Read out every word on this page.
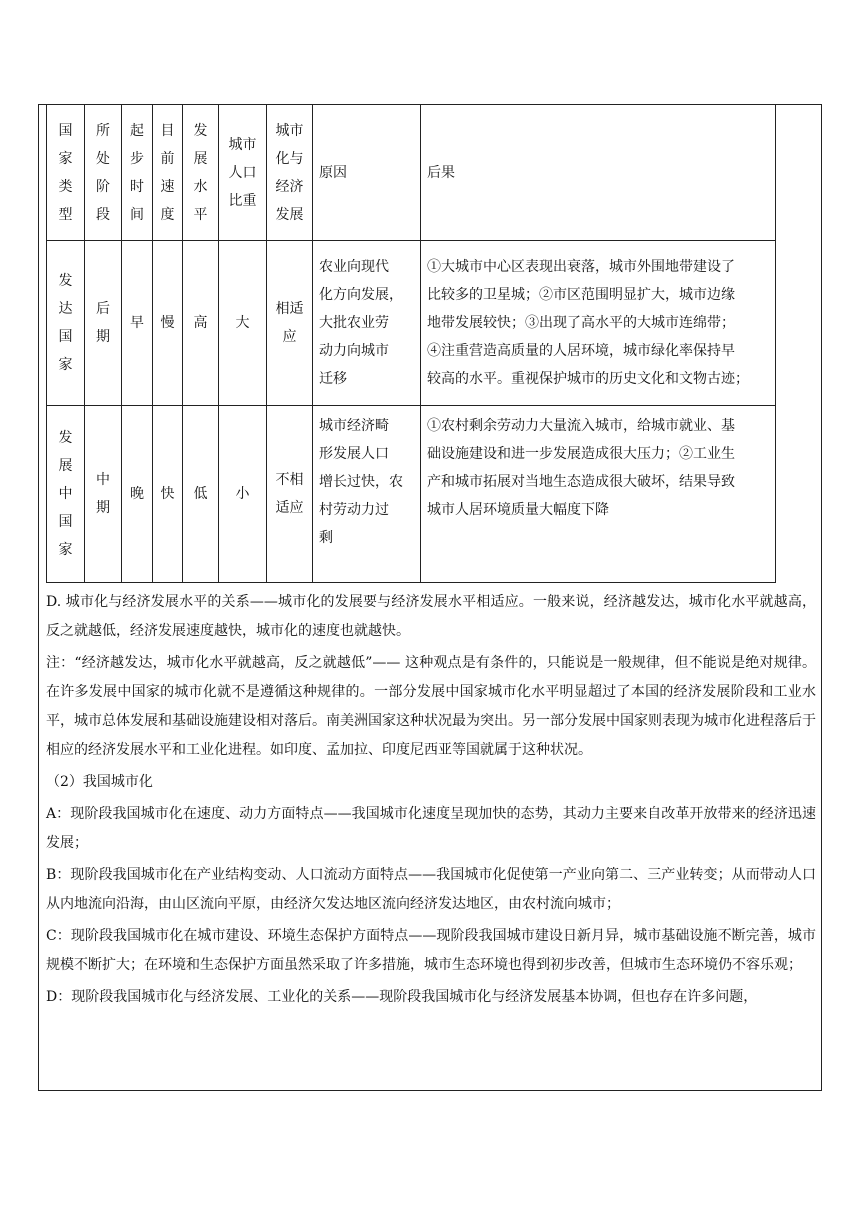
国
家
类
型	所
处
阶
段	起
步
时
间	目
前
速
度	发
展
水
平	城市
人口
比重	城市
化与
经济
发展	原因	后果

发
达
国
家	后
期	早	慢	高	大	相适
应	农业向现代
化方向发展，
大批农业劳
动力向城市
迁移	①大城市中心区表现出衰落，城市外围地带建设了
比较多的卫星城；②市区范围明显扩大，城市边缘
地带发展较快；③出现了高水平的大城市连绵带；
④注重营造高质量的人居环境，城市绿化率保持早
较高的水平。重视保护城市的历史文化和文物古迹；

发
展
中
国
家	中
期	晚	快	低	小	不相
适应	城市经济畸
形发展人口
增长过快，农
村劳动力过
剩	①农村剩余劳动力大量流入城市，给城市就业、基
础设施建设和进一步发展造成很大压力；②工业生
产和城市拓展对当地生态造成很大破坏，结果导致
城市人居环境质量大幅度下降

D. 城市化与经济发展水平的关系——城市化的发展要与经济发展水平相适应。一般来说，经济越发达，城市化水平就越高，反之就越低，经济发展速度越快，城市化的速度也就越快。

注：“经济越发达，城市化水平就越高，反之就越低”—— 这种观点是有条件的，只能说是一般规律，但不能说是绝对规律。在许多发展中国家的城市化就不是遵循这种规律的。一部分发展中国家城市化水平明显超过了本国的经济发展阶段和工业水平，城市总体发展和基础设施建设相对落后。南美洲国家这种状况最为突出。另一部分发展中国家则表现为城市化进程落后于相应的经济发展水平和工业化进程。如印度、孟加拉、印度尼西亚等国就属于这种状况。

（2）我国城市化

A：现阶段我国城市化在速度、动力方面特点——我国城市化速度呈现加快的态势，其动力主要来自改革开放带来的经济迅速发展；

B：现阶段我国城市化在产业结构变动、人口流动方面特点——我国城市化促使第一产业向第二、三产业转变；从而带动人口从内地流向沿海，由山区流向平原，由经济欠发达地区流向经济发达地区，由农村流向城市；

C：现阶段我国城市化在城市建设、环境生态保护方面特点——现阶段我国城市建设日新月异，城市基础设施不断完善，城市规模不断扩大；在环境和生态保护方面虽然采取了许多措施，城市生态环境也得到初步改善，但城市生态环境仍不容乐观；

D：现阶段我国城市化与经济发展、工业化的关系——现阶段我国城市化与经济发展基本协调，但也存在许多问题，
